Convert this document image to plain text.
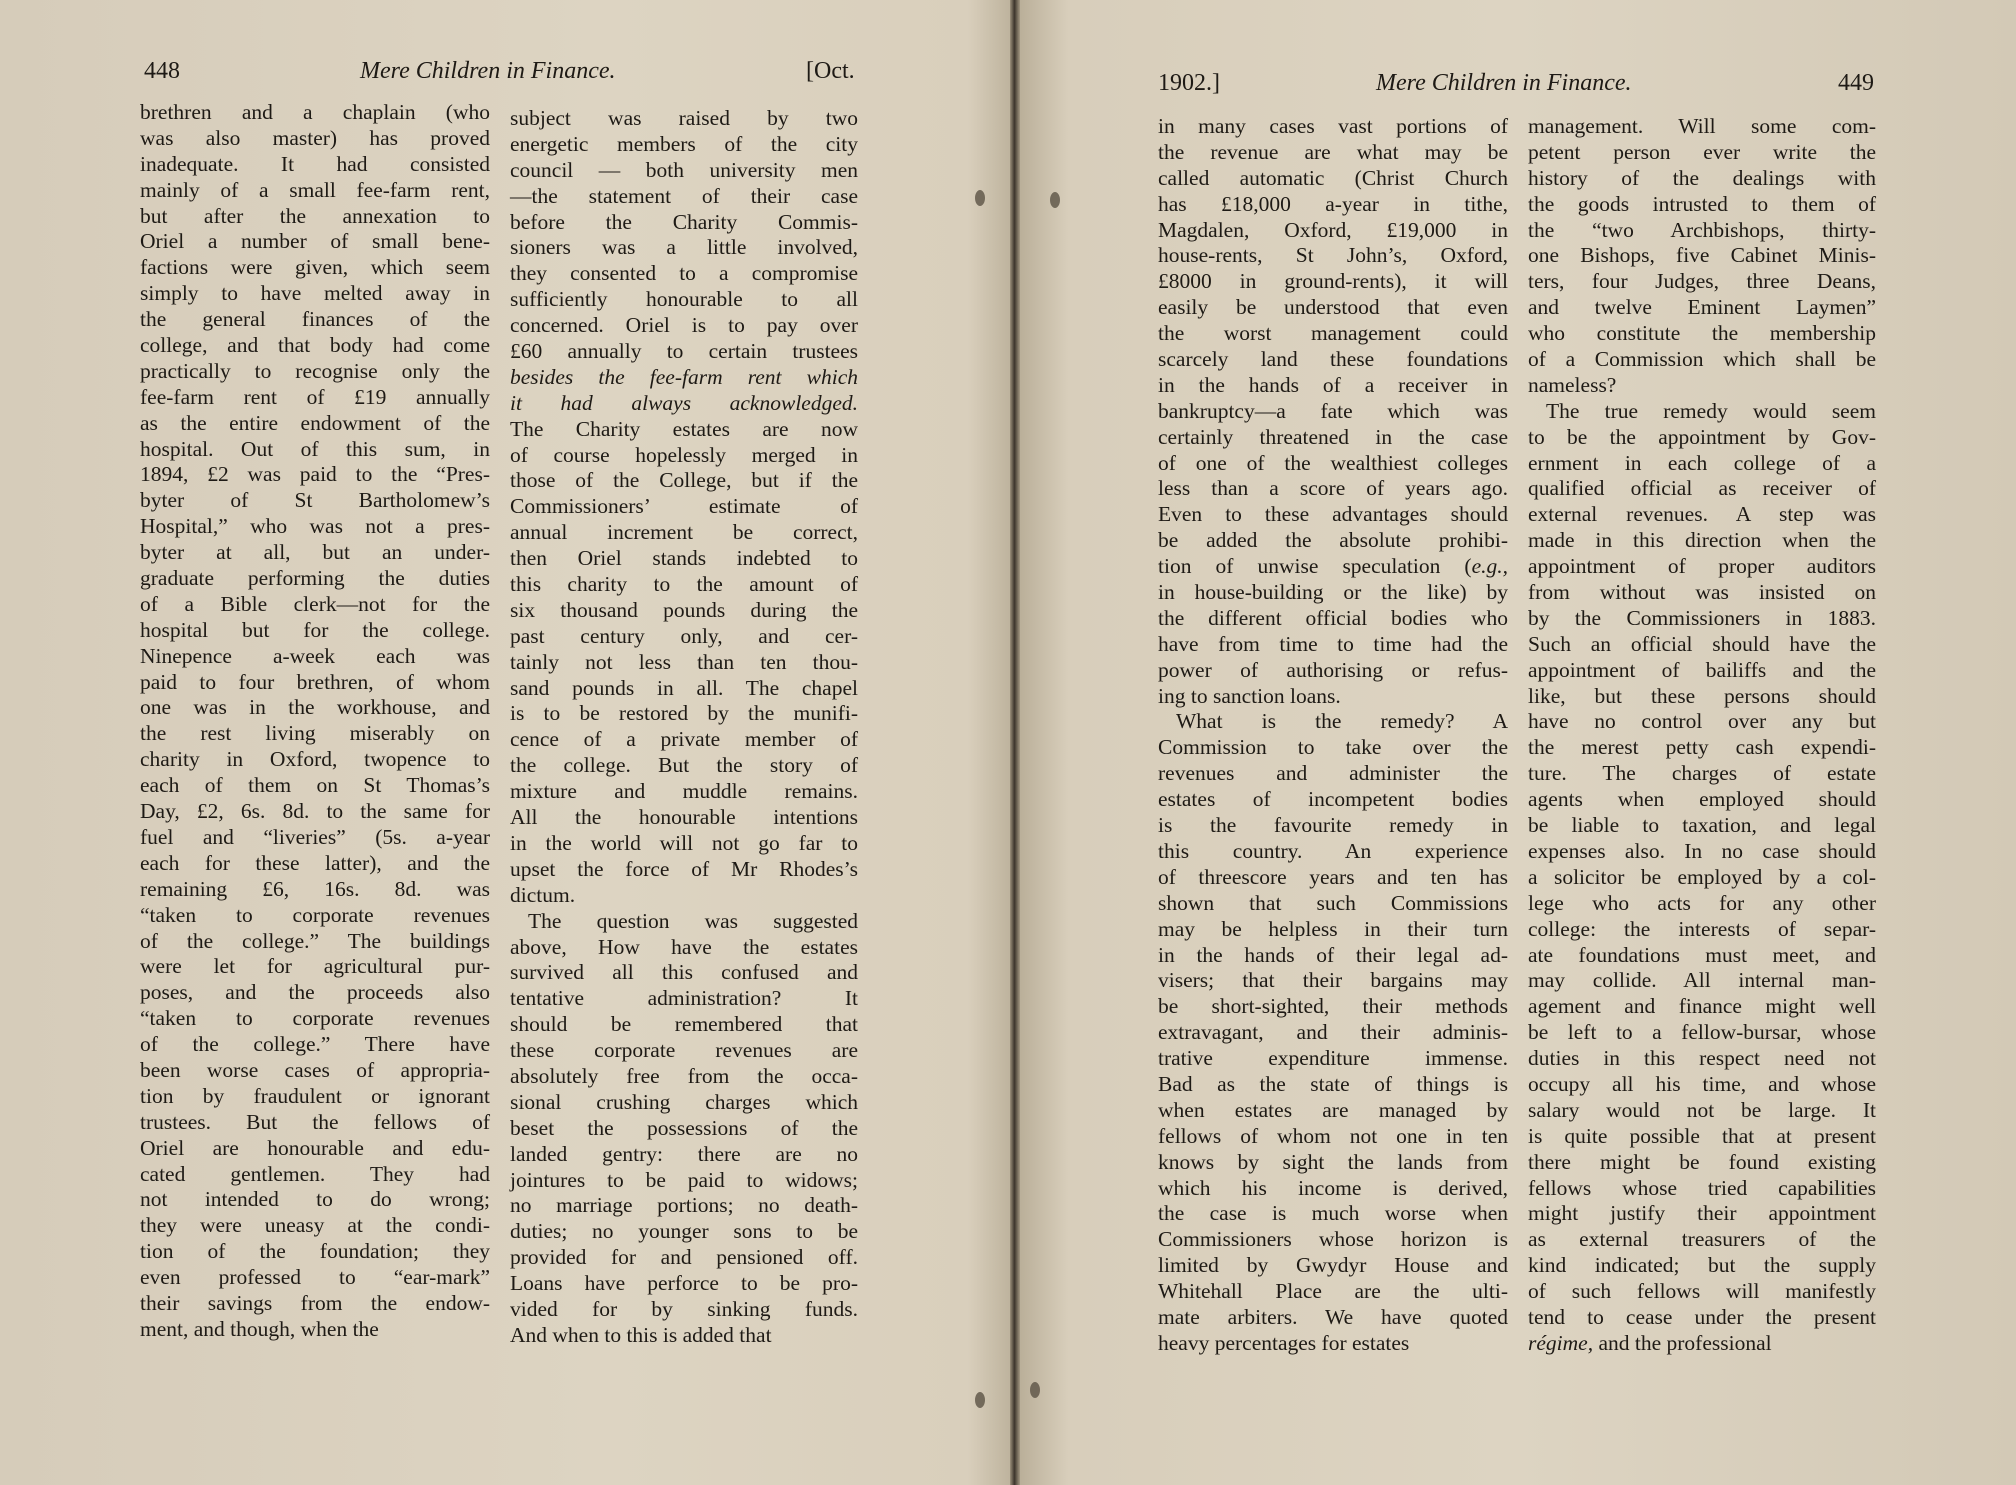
448	Mere Children in Finance.	[Oct.
brethren and a chaplain (who
was also master) has proved
inadequate. It had consisted
mainly of a small fee-farm rent,
but after the annexation to
Oriel a number of small bene-
factions were given, which seem
simply to have melted away in
the general finances of the
college, and that body had come
practically to recognise only the
fee-farm rent of £19 annually
as the entire endowment of the
hospital. Out of this sum, in
1894, £2 was paid to the “Pres-
byter of St Bartholomew’s
Hospital,” who was not a pres-
byter at all, but an under-
graduate performing the duties
of a Bible clerk—not for the
hospital but for the college.
Ninepence a-week each was
paid to four brethren, of whom
one was in the workhouse, and
the rest living miserably on
charity in Oxford, twopence to
each of them on St Thomas’s
Day, £2, 6s. 8d. to the same for
fuel and “liveries” (5s. a-year
each for these latter), and the
remaining £6, 16s. 8d. was
“taken to corporate revenues
of the college.” The buildings
were let for agricultural pur-
poses, and the proceeds also
“taken to corporate revenues
of the college.” There have
been worse cases of appropria-
tion by fraudulent or ignorant
trustees. But the fellows of
Oriel are honourable and edu-
cated gentlemen. They had
not intended to do wrong;
they were uneasy at the condi-
tion of the foundation; they
even professed to “ear-mark”
their savings from the endow-
ment, and though, when the
subject was raised by two
energetic members of the city
council — both university men
—the statement of their case
before the Charity Commis-
sioners was a little involved,
they consented to a compromise
sufficiently honourable to all
concerned. Oriel is to pay over
£60 annually to certain trustees
besides the fee-farm rent which
it had always acknowledged.
The Charity estates are now
of course hopelessly merged in
those of the College, but if the
Commissioners’ estimate of
annual increment be correct,
then Oriel stands indebted to
this charity to the amount of
six thousand pounds during the
past century only, and cer-
tainly not less than ten thou-
sand pounds in all. The chapel
is to be restored by the munifi-
cence of a private member of
the college. But the story of
mixture and muddle remains.
All the honourable intentions
in the world will not go far to
upset the force of Mr Rhodes’s
dictum.
The question was suggested
above, How have the estates
survived all this confused and
tentative administration? It
should be remembered that
these corporate revenues are
absolutely free from the occa-
sional crushing charges which
beset the possessions of the
landed gentry: there are no
jointures to be paid to widows;
no marriage portions; no death-
duties; no younger sons to be
provided for and pensioned off.
Loans have perforce to be pro-
vided for by sinking funds.
And when to this is added that
1902.]	Mere Children in Finance.	449
in many cases vast portions of
the revenue are what may be
called automatic (Christ Church
has £18,000 a-year in tithe,
Magdalen, Oxford, £19,000 in
house-rents, St John’s, Oxford,
£8000 in ground-rents), it will
easily be understood that even
the worst management could
scarcely land these foundations
in the hands of a receiver in
bankruptcy—a fate which was
certainly threatened in the case
of one of the wealthiest colleges
less than a score of years ago.
Even to these advantages should
be added the absolute prohibi-
tion of unwise speculation (e.g.,
in house-building or the like) by
the different official bodies who
have from time to time had the
power of authorising or refus-
ing to sanction loans.
What is the remedy? A
Commission to take over the
revenues and administer the
estates of incompetent bodies
is the favourite remedy in
this country. An experience
of threescore years and ten has
shown that such Commissions
may be helpless in their turn
in the hands of their legal ad-
visers; that their bargains may
be short-sighted, their methods
extravagant, and their adminis-
trative expenditure immense.
Bad as the state of things is
when estates are managed by
fellows of whom not one in ten
knows by sight the lands from
which his income is derived,
the case is much worse when
Commissioners whose horizon is
limited by Gwydyr House and
Whitehall Place are the ulti-
mate arbiters. We have quoted
heavy percentages for estates
management. Will some com-
petent person ever write the
history of the dealings with
the goods intrusted to them of
the “two Archbishops, thirty-
one Bishops, five Cabinet Minis-
ters, four Judges, three Deans,
and twelve Eminent Laymen”
who constitute the membership
of a Commission which shall be
nameless?
The true remedy would seem
to be the appointment by Gov-
ernment in each college of a
qualified official as receiver of
external revenues. A step was
made in this direction when the
appointment of proper auditors
from without was insisted on
by the Commissioners in 1883.
Such an official should have the
appointment of bailiffs and the
like, but these persons should
have no control over any but
the merest petty cash expendi-
ture. The charges of estate
agents when employed should
be liable to taxation, and legal
expenses also. In no case should
a solicitor be employed by a col-
lege who acts for any other
college: the interests of separ-
ate foundations must meet, and
may collide. All internal man-
agement and finance might well
be left to a fellow-bursar, whose
duties in this respect need not
occupy all his time, and whose
salary would not be large. It
is quite possible that at present
there might be found existing
fellows whose tried capabilities
might justify their appointment
as external treasurers of the
kind indicated; but the supply
of such fellows will manifestly
tend to cease under the present
régime, and the professional
